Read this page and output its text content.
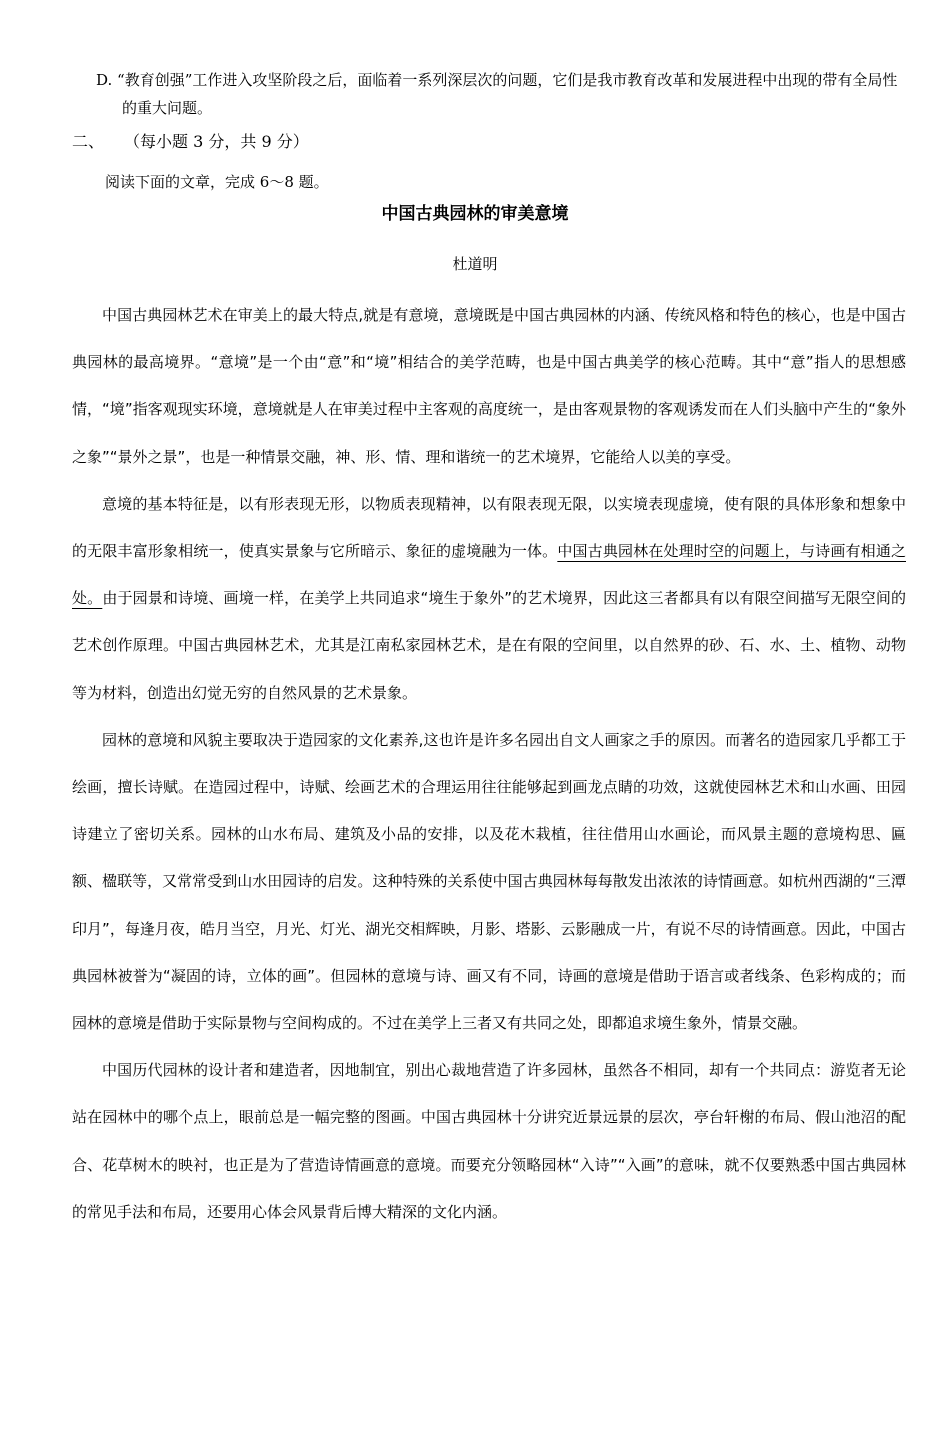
D. “教育创强”工作进入攻坚阶段之后，面临着一系列深层次的问题，它们是我市教育改革和发展进程中出现的带有全局性的重大问题。

二、 （每小题 3 分，共 9 分）

阅读下面的文章，完成 6～8 题。

中国古典园林的审美意境

杜道明

中国古典园林艺术在审美上的最大特点,就是有意境，意境既是中国古典园林的内涵、传统风格和特色的核心，也是中国古典园林的最高境界。“意境”是一个由“意”和“境”相结合的美学范畴，也是中国古典美学的核心范畴。其中“意”指人的思想感情，“境”指客观现实环境，意境就是人在审美过程中主客观的高度统一，是由客观景物的客观诱发而在人们头脑中产生的“象外之象”“景外之景”，也是一种情景交融，神、形、情、理和谐统一的艺术境界，它能给人以美的享受。

意境的基本特征是，以有形表现无形，以物质表现精神，以有限表现无限，以实境表现虚境，使有限的具体形象和想象中的无限丰富形象相统一，使真实景象与它所暗示、象征的虚境融为一体。中国古典园林在处理时空的问题上，与诗画有相通之处。由于园景和诗境、画境一样，在美学上共同追求“境生于象外”的艺术境界，因此这三者都具有以有限空间描写无限空间的艺术创作原理。中国古典园林艺术，尤其是江南私家园林艺术，是在有限的空间里，以自然界的砂、石、水、土、植物、动物等为材料，创造出幻觉无穷的自然风景的艺术景象。

园林的意境和风貌主要取决于造园家的文化素养,这也许是许多名园出自文人画家之手的原因。而著名的造园家几乎都工于绘画，擅长诗赋。在造园过程中，诗赋、绘画艺术的合理运用往往能够起到画龙点睛的功效，这就使园林艺术和山水画、田园诗建立了密切关系。园林的山水布局、建筑及小品的安排，以及花木栽植，往往借用山水画论，而风景主题的意境构思、匾额、楹联等，又常常受到山水田园诗的启发。这种特殊的关系使中国古典园林每每散发出浓浓的诗情画意。如杭州西湖的“三潭印月”，每逢月夜，皓月当空，月光、灯光、湖光交相辉映，月影、塔影、云影融成一片，有说不尽的诗情画意。因此，中国古典园林被誉为“凝固的诗，立体的画”。但园林的意境与诗、画又有不同，诗画的意境是借助于语言或者线条、色彩构成的；而园林的意境是借助于实际景物与空间构成的。不过在美学上三者又有共同之处，即都追求境生象外，情景交融。

中国历代园林的设计者和建造者，因地制宜，别出心裁地营造了许多园林，虽然各不相同，却有一个共同点：游览者无论站在园林中的哪个点上，眼前总是一幅完整的图画。中国古典园林十分讲究近景远景的层次，亭台轩榭的布局、假山池沼的配合、花草树木的映衬，也正是为了营造诗情画意的意境。而要充分领略园林“入诗”“入画”的意味，就不仅要熟悉中国古典园林的常见手法和布局，还要用心体会风景背后博大精深的文化内涵。
